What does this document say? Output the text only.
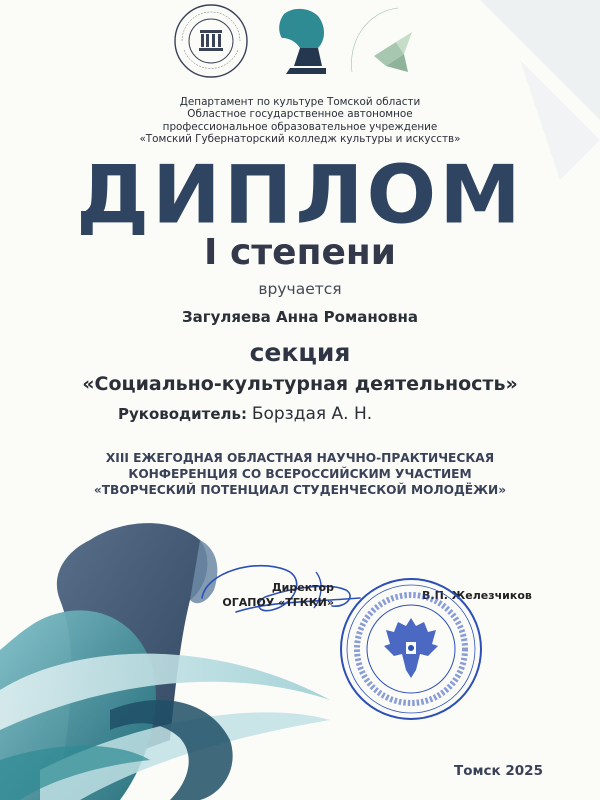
Департамент по культуре Томской области
Областное государственное автономное
профессиональное образовательное учреждение
«Томский Губернаторский колледж культуры и искусств»
ДИПЛОМ
I степени
вручается
Загуляева Анна Романовна
секция
«Социально-культурная деятельность»
Руководитель: Борздая А. Н.
XIII ЕЖЕГОДНАЯ ОБЛАСТНАЯ НАУЧНО-ПРАКТИЧЕСКАЯ
КОНФЕРЕНЦИЯ СО ВСЕРОССИЙСКИМ УЧАСТИЕМ
«ТВОРЧЕСКИЙ ПОТЕНЦИАЛ СТУДЕНЧЕСКОЙ МОЛОДЁЖИ»
Директор
ОГАПОУ «ТГККИ»
В.П. Железчиков
Томск 2025
